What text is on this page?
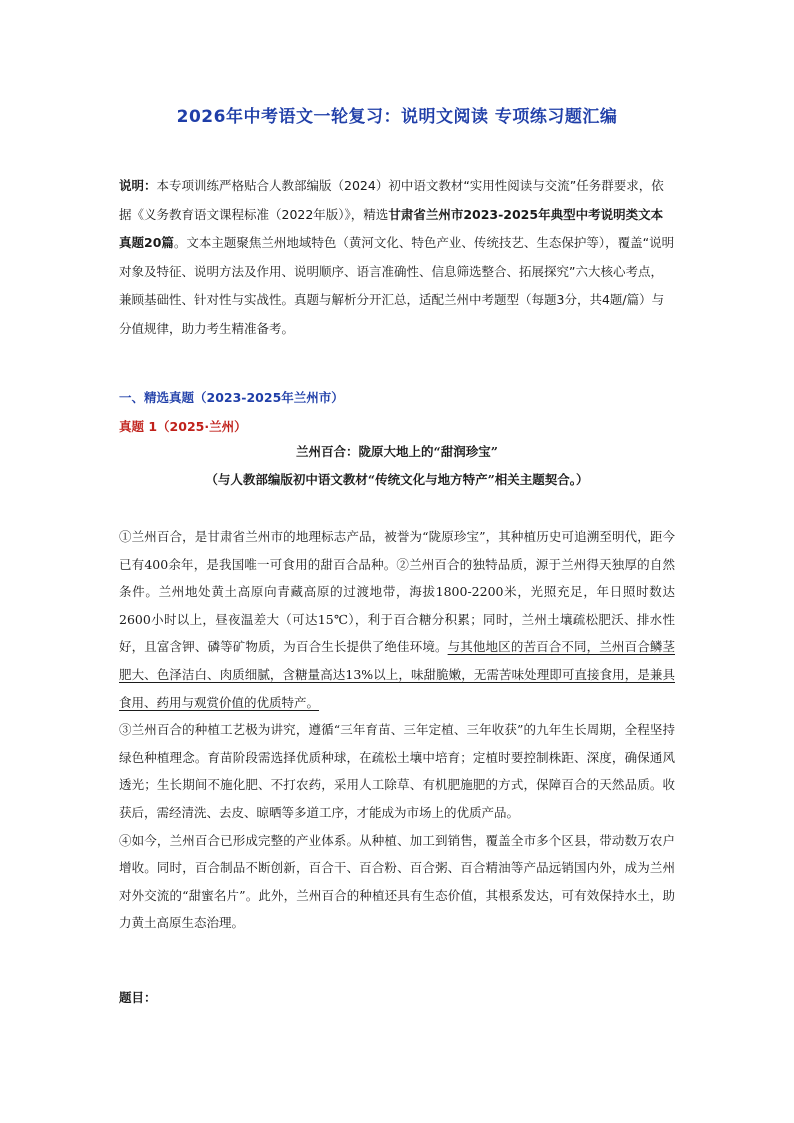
2026年中考语文一轮复习：说明文阅读 专项练习题汇编
说明：本专项训练严格贴合人教部编版（2024）初中语文教材“实用性阅读与交流”任务群要求，依据《义务教育语文课程标准（2022年版）》，精选甘肃省兰州市2023-2025年典型中考说明类文本真题20篇。文本主题聚焦兰州地域特色（黄河文化、特色产业、传统技艺、生态保护等），覆盖“说明对象及特征、说明方法及作用、说明顺序、语言准确性、信息筛选整合、拓展探究”六大核心考点，兼顾基础性、针对性与实战性。真题与解析分开汇总，适配兰州中考题型（每题3分，共4题/篇）与分值规律，助力考生精准备考。
一、精选真题（2023-2025年兰州市）
真题 1（2025·兰州）
兰州百合：陇原大地上的“甜润珍宝”
（与人教部编版初中语文教材“传统文化与地方特产”相关主题契合。）

①兰州百合，是甘肃省兰州市的地理标志产品，被誉为“陇原珍宝”，其种植历史可追溯至明代，距今已有400余年，是我国唯一可食用的甜百合品种。②兰州百合的独特品质，源于兰州得天独厚的自然条件。兰州地处黄土高原向青藏高原的过渡地带，海拔1800-2200米，光照充足，年日照时数达2600小时以上，昼夜温差大（可达15℃），利于百合糖分积累；同时，兰州土壤疏松肥沃、排水性好，且富含钾、磷等矿物质，为百合生长提供了绝佳环境。与其他地区的苦百合不同，兰州百合鳞茎肥大、色泽洁白、肉质细腻，含糖量高达13%以上，味甜脆嫩，无需苦味处理即可直接食用，是兼具食用、药用与观赏价值的优质特产。

③兰州百合的种植工艺极为讲究，遵循“三年育苗、三年定植、三年收获”的九年生长周期，全程坚持绿色种植理念。育苗阶段需选择优质种球，在疏松土壤中培育；定植时要控制株距、深度，确保通风透光；生长期间不施化肥、不打农药，采用人工除草、有机肥施肥的方式，保障百合的天然品质。收获后，需经清洗、去皮、晾晒等多道工序，才能成为市场上的优质产品。

④如今，兰州百合已形成完整的产业体系。从种植、加工到销售，覆盖全市多个区县，带动数万农户增收。同时，百合制品不断创新，百合干、百合粉、百合粥、百合精油等产品远销国内外，成为兰州对外交流的“甜蜜名片”。此外，兰州百合的种植还具有生态价值，其根系发达，可有效保持水土，助力黄土高原生态治理。

题目：
